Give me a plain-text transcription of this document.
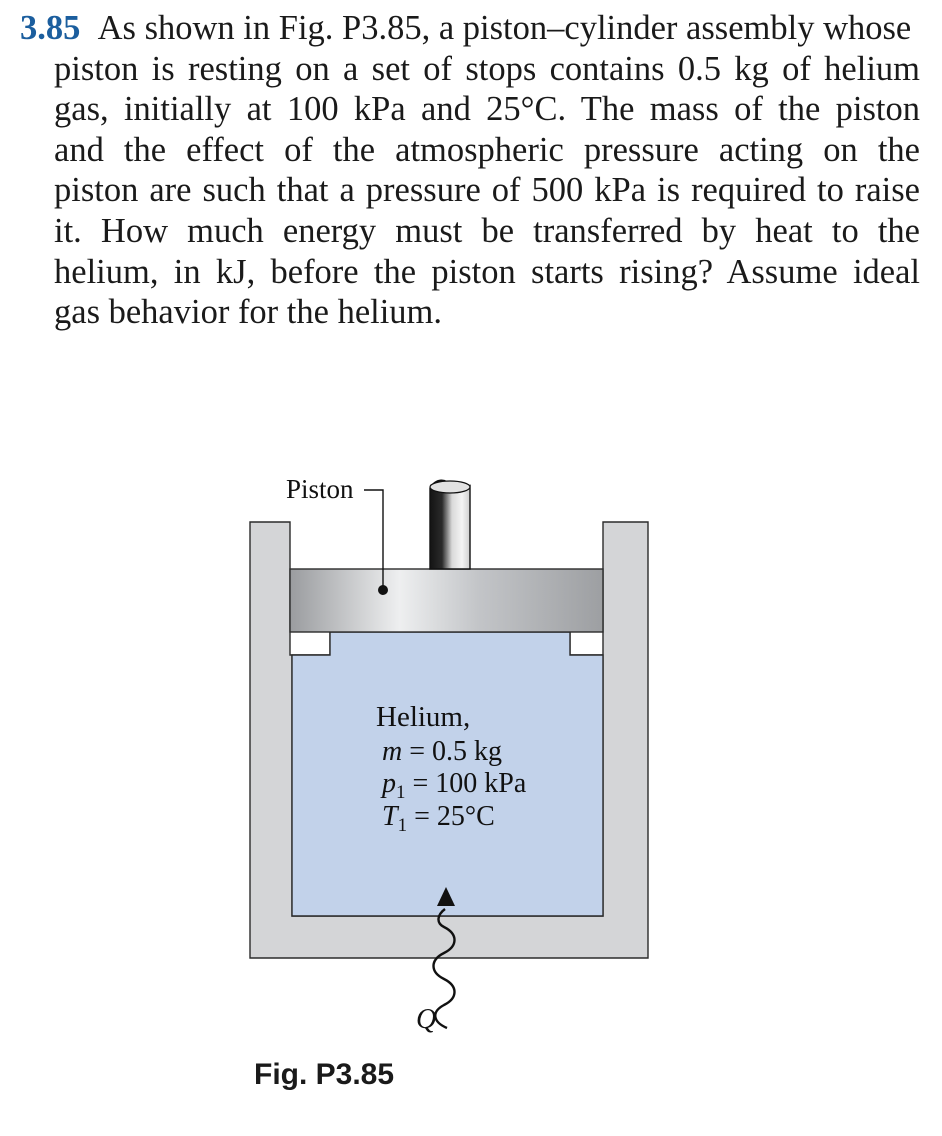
3.85 As shown in Fig. P3.85, a piston–cylinder assembly whose
piston is resting on a set of stops contains 0.5 kg of helium
gas, initially at 100 kPa and 25°C. The mass of the piston
and the effect of the atmospheric pressure acting on the
piston are such that a pressure of 500 kPa is required to raise
it. How much energy must be transferred by heat to the
helium, in kJ, before the piston starts rising? Assume ideal
gas behavior for the helium.
Piston
Helium,
m = 0.5 kg
$p_1 = 100$ kPa
$T_1 = 25^\circ C$
Q
Fig. P3.85
